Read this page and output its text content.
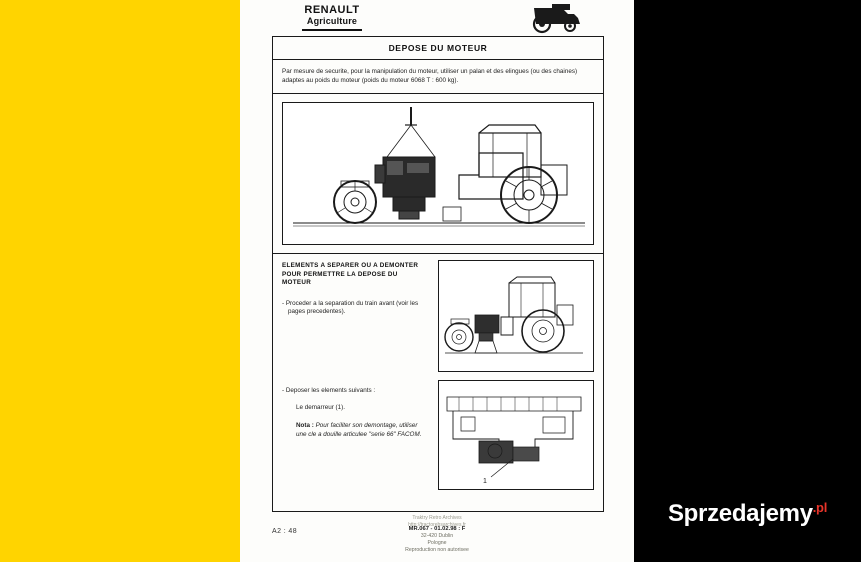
Sprzedajemy$^{.pl}$
RENAULT
Agriculture
DEPOSE DU MOTEUR

Par mesure de securite, pour la manipulation du moteur, utiliser un palan et des elingues (ou des chaines) adaptes au poids du moteur (poids du moteur 6068 T : 600 kg).

ELEMENTS A SEPARER OU A DEMONTER POUR PERMETTRE LA DEPOSE DU MOTEUR

- Proceder a la separation du train avant (voir les pages precedentes).

- Deposer les elements suivants :

Le demarreur (1).

Nota : Pour faciliter son demontage, utiliser une cle a douille articulee "serie 66" FACOM.

1
Traktry Retro Archives
http://tractorebsarchives.fr
A2 : 48	MR.067 - 01.02.98 : F
32-420 Dublin
Pologne
Reproduction non autorisee
